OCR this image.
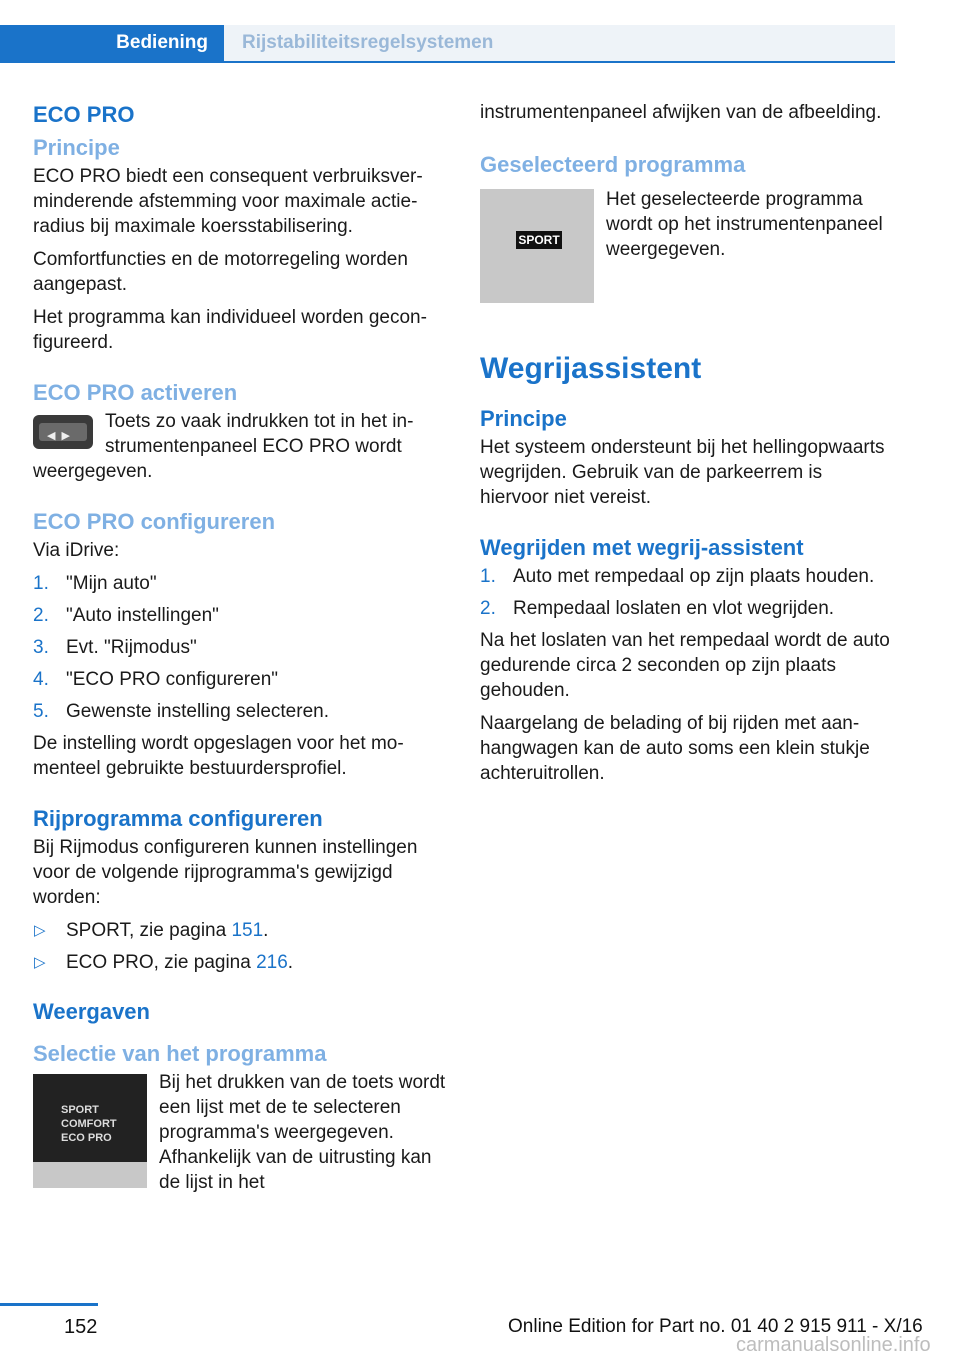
Bediening	Rijstabiliteitsregelsystemen
ECO PRO
Principe

ECO PRO biedt een consequent verbruiksverminderende afstemming voor maximale actieradius bij maximale koersstabilisering.

Comfortfuncties en de motorregeling worden aangepast.

Het programma kan individueel worden geconfigureerd.

ECO PRO activeren
◀▶

Toets zo vaak indrukken tot in het instrumentenpaneel ECO PRO wordt weergegeven.

ECO PRO configureren

Via iDrive:

1. "Mijn auto"
2. "Auto instellingen"
3. Evt. "Rijmodus"
4. "ECO PRO configureren"
5. Gewenste instelling selecteren.

De instelling wordt opgeslagen voor het momenteel gebruikte bestuurdersprofiel.

Rijprogramma configureren

Bij Rijmodus configureren kunnen instellingen voor de volgende rijprogramma's gewijzigd worden:

▷ SPORT, zie pagina 151.
▷ ECO PRO, zie pagina 216.
Weergaven
Selectie van het programma
SPORT
COMFORT
ECO PRO

Bij het drukken van de toets wordt een lijst met de te selecteren programma's weergegeven. Afhankelijk van de uitrusting kan de lijst in het

instrumentenpaneel afwijken van de afbeelding.

Geselecteerd programma
SPORT

Het geselecteerde programma wordt op het instrumentenpaneel weergegeven.

Wegrijassistent
Principe

Het systeem ondersteunt bij het hellingopwaarts wegrijden. Gebruik van de parkeerrem is hiervoor niet vereist.

Wegrijden met wegrij-assistent
1. Auto met rempedaal op zijn plaats houden.
2. Rempedaal loslaten en vlot wegrijden.

Na het loslaten van het rempedaal wordt de auto gedurende circa 2 seconden op zijn plaats gehouden.

Naargelang de belading of bij rijden met aanhangwagen kan de auto soms een klein stukje achteruitrollen.

152	Online Edition for Part no. 01 40 2 915 911 - X/16
carmanualsonline.info
